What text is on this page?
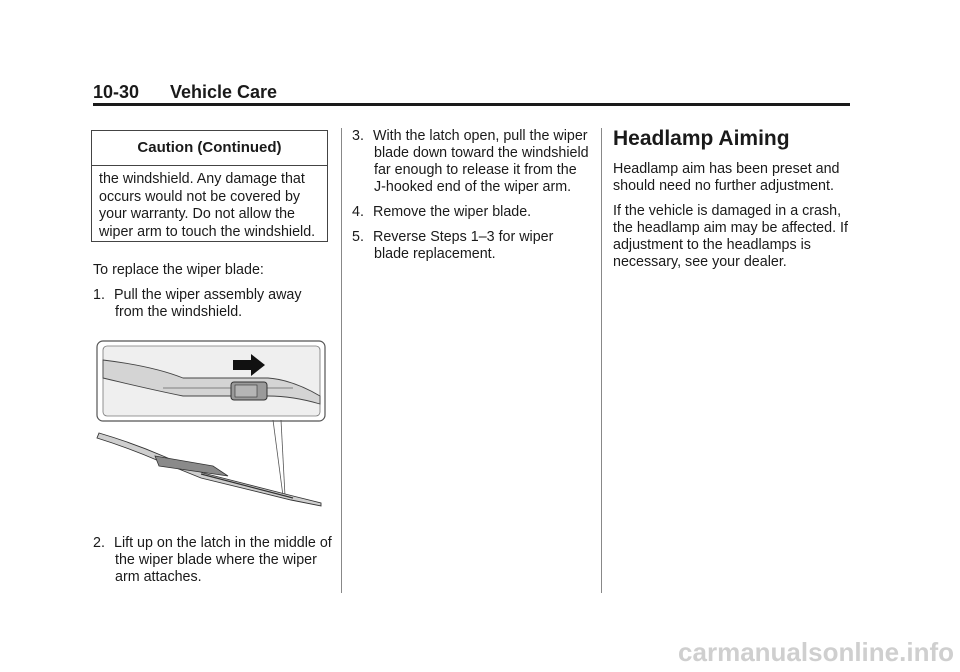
10-30 Vehicle Care
Caution (Continued)
the windshield. Any damage that occurs would not be covered by your warranty. Do not allow the wiper arm to touch the windshield.

To replace the wiper blade:

1. Pull the wiper assembly away from the windshield.
2. Lift up on the latch in the middle of the wiper blade where the wiper arm attaches.
3. With the latch open, pull the wiper blade down toward the windshield far enough to release it from the J-hooked end of the wiper arm.
4. Remove the wiper blade.
5. Reverse Steps 1–3 for wiper blade replacement.
Headlamp Aiming

Headlamp aim has been preset and should need no further adjustment.

If the vehicle is damaged in a crash, the headlamp aim may be affected. If adjustment to the headlamps is necessary, see your dealer.

carmanualsonline.info
